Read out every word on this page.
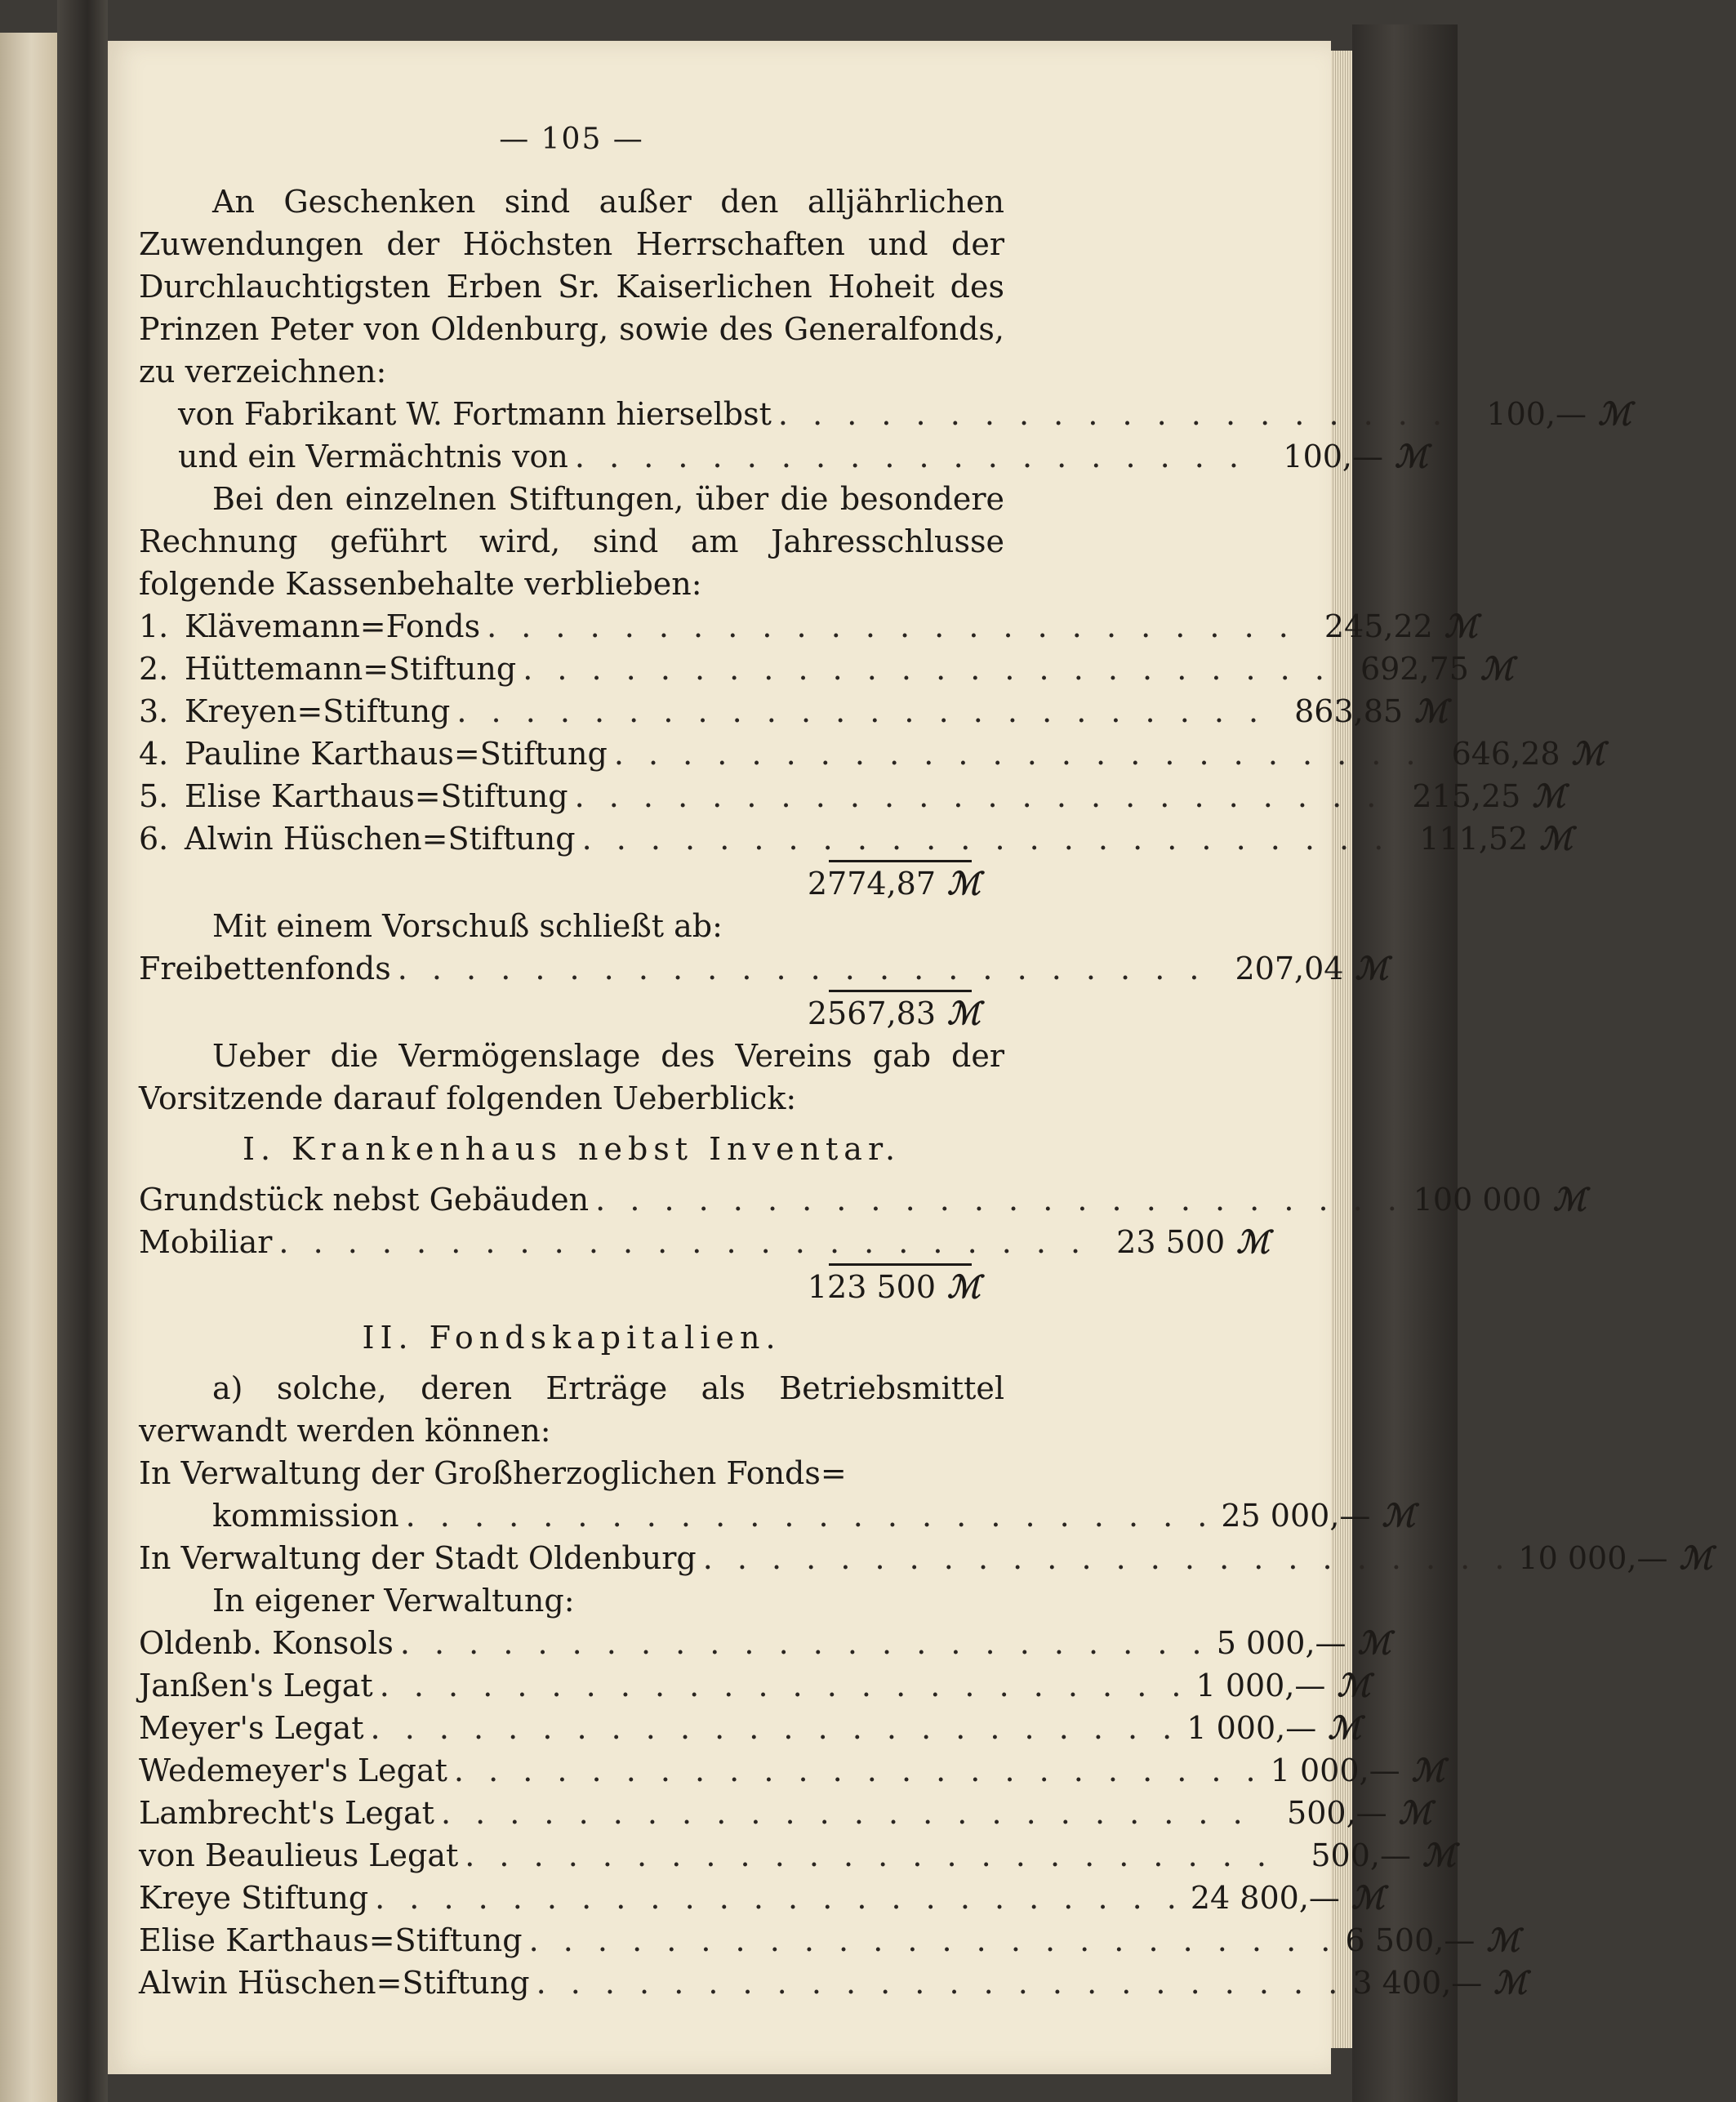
— 105 —

An Geschenken sind außer den alljährlichen Zuwendungen der Höchsten Herrschaften und der Durchlauchtigsten Erben Sr. Kaiserlichen Hoheit des Prinzen Peter von Oldenburg, sowie des Generalfonds, zu verzeichnen:

von Fabrikant W. Fortmann hierselbst . . . . . . . . . . . . . . . . . . . .	100,— ℳ
und ein Vermächtnis von . . . . . . . . . . . . . . . . . . . .	100,— ℳ

Bei den einzelnen Stiftungen, über die besondere Rechnung geführt wird, sind am Jahresschlusse folgende Kassenbehalte verblieben:

1. Klävemann=Fonds . . . . . . . . . . . . . . . . . . . . . . . . 245,22 ℳ
2. Hüttemann=Stiftung . . . . . . . . . . . . . . . . . . . . . . . . 692,75 ℳ
3. Kreyen=Stiftung . . . . . . . . . . . . . . . . . . . . . . . . 863,85 ℳ
4. Pauline Karthaus=Stiftung . . . . . . . . . . . . . . . . . . . . . . . . 646,28 ℳ
5. Elise Karthaus=Stiftung . . . . . . . . . . . . . . . . . . . . . . . . 215,25 ℳ
6. Alwin Hüschen=Stiftung . . . . . . . . . . . . . . . . . . . . . . . . 111,52 ℳ
2774,87 ℳ
Mit einem Vorschuß schließt ab:
Freibettenfonds . . . . . . . . . . . . . . . . . . . . . . . . 207,04 ℳ
2567,83 ℳ

Ueber die Vermögenslage des Vereins gab der Vorsitzende darauf folgenden Ueberblick:

I. Krankenhaus nebst Inventar.
Grundstück nebst Gebäuden . . . . . . . . . . . . . . . . . . . . . . . . 100 000 ℳ
Mobiliar . . . . . . . . . . . . . . . . . . . . . . . . 23 500 ℳ
123 500 ℳ
II. Fondskapitalien.

a) solche, deren Erträge als Betriebsmittel verwandt werden können:

In Verwaltung der Großherzoglichen Fonds=
kommission . . . . . . . . . . . . . . . . . . . . . . . . 25 000,— ℳ
In Verwaltung der Stadt Oldenburg . . . . . . . . . . . . . . . . . . . . . . . . 10 000,— ℳ
In eigener Verwaltung:
Oldenb. Konsols . . . . . . . . . . . . . . . . . . . . . . . . 5 000,— ℳ
Janßen's Legat . . . . . . . . . . . . . . . . . . . . . . . . 1 000,— ℳ
Meyer's Legat . . . . . . . . . . . . . . . . . . . . . . . . 1 000,— ℳ
Wedemeyer's Legat . . . . . . . . . . . . . . . . . . . . . . . . 1 000,— ℳ
Lambrecht's Legat . . . . . . . . . . . . . . . . . . . . . . . .	500,— ℳ
von Beaulieus Legat . . . . . . . . . . . . . . . . . . . . . . . .	500,— ℳ
Kreye Stiftung . . . . . . . . . . . . . . . . . . . . . . . . 24 800,— ℳ
Elise Karthaus=Stiftung . . . . . . . . . . . . . . . . . . . . . . . . 6 500,— ℳ
Alwin Hüschen=Stiftung . . . . . . . . . . . . . . . . . . . . . . . . 3 400,— ℳ
